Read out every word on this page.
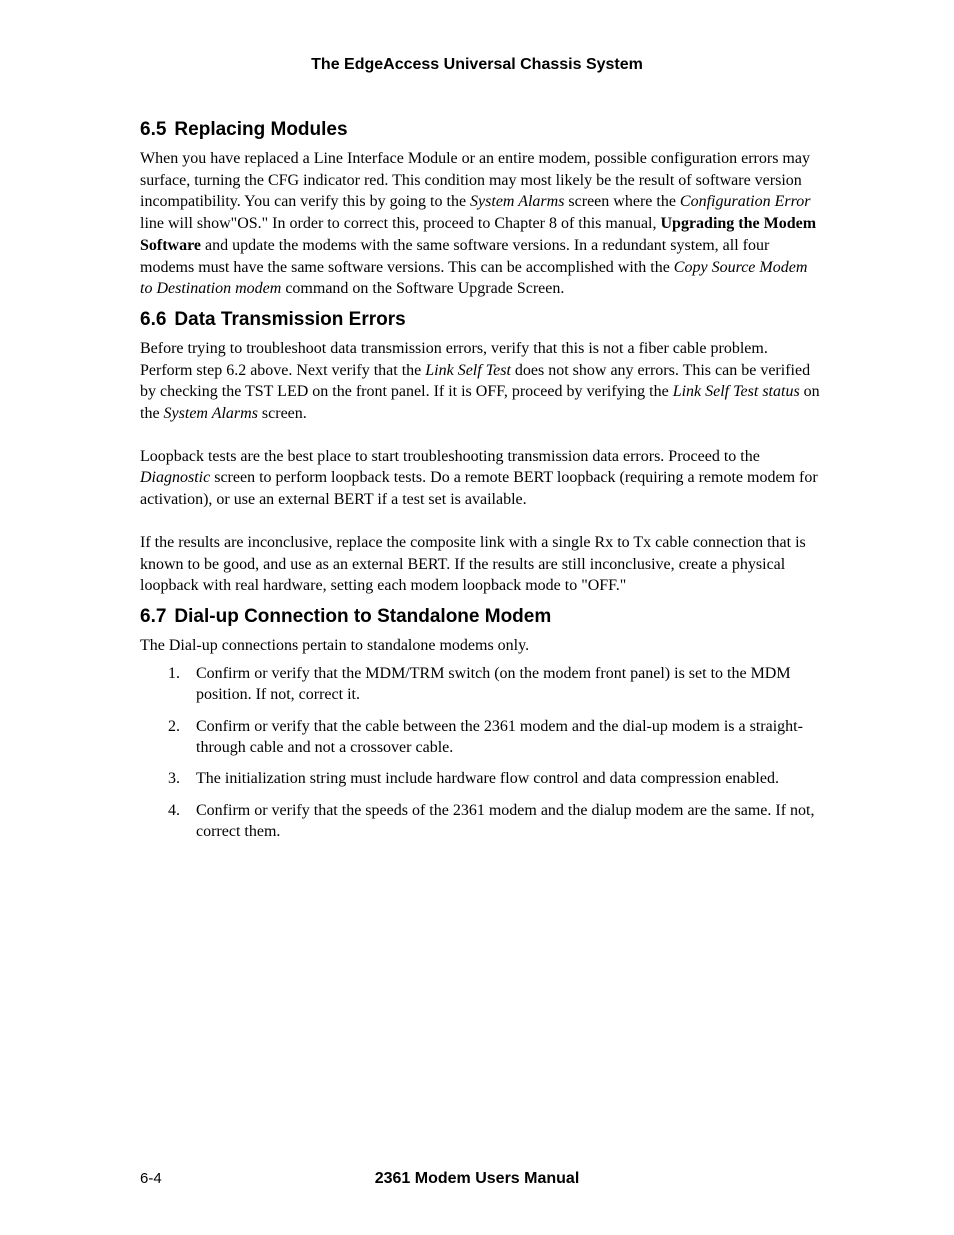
The EdgeAccess Universal Chassis System
6.5 Replacing Modules

When you have replaced a Line Interface Module or an entire modem, possible configuration errors may surface, turning the CFG indicator red. This condition may most likely be the result of software version incompatibility. You can verify this by going to the System Alarms screen where the Configuration Error line will show"OS." In order to correct this, proceed to Chapter 8 of this manual, Upgrading the Modem Software and update the modems with the same software versions. In a redundant system, all four modems must have the same software versions. This can be accomplished with the Copy Source Modem to Destination modem command on the Software Upgrade Screen.

6.6 Data Transmission Errors

Before trying to troubleshoot data transmission errors, verify that this is not a fiber cable problem. Perform step 6.2 above. Next verify that the Link Self Test does not show any errors. This can be verified by checking the TST LED on the front panel. If it is OFF, proceed by verifying the Link Self Test status on the System Alarms screen.

Loopback tests are the best place to start troubleshooting transmission data errors. Proceed to the Diagnostic screen to perform loopback tests. Do a remote BERT loopback (requiring a remote modem for activation), or use an external BERT if a test set is available.

If the results are inconclusive, replace the composite link with a single Rx to Tx cable connection that is known to be good, and use as an external BERT. If the results are still inconclusive, create a physical loopback with real hardware, setting each modem loopback mode to "OFF."

6.7 Dial-up Connection to Standalone Modem

The Dial-up connections pertain to standalone modems only.

1.	Confirm or verify that the MDM/TRM switch (on the modem front panel) is set to the MDM position. If not, correct it.
2.	Confirm or verify that the cable between the 2361 modem and the dial-up modem is a straight-through cable and not a crossover cable.
3.	The initialization string must include hardware flow control and data compression enabled.
4.	Confirm or verify that the speeds of the 2361 modem and the dialup modem are the same. If not, correct them.
6-4	2361 Modem Users Manual
